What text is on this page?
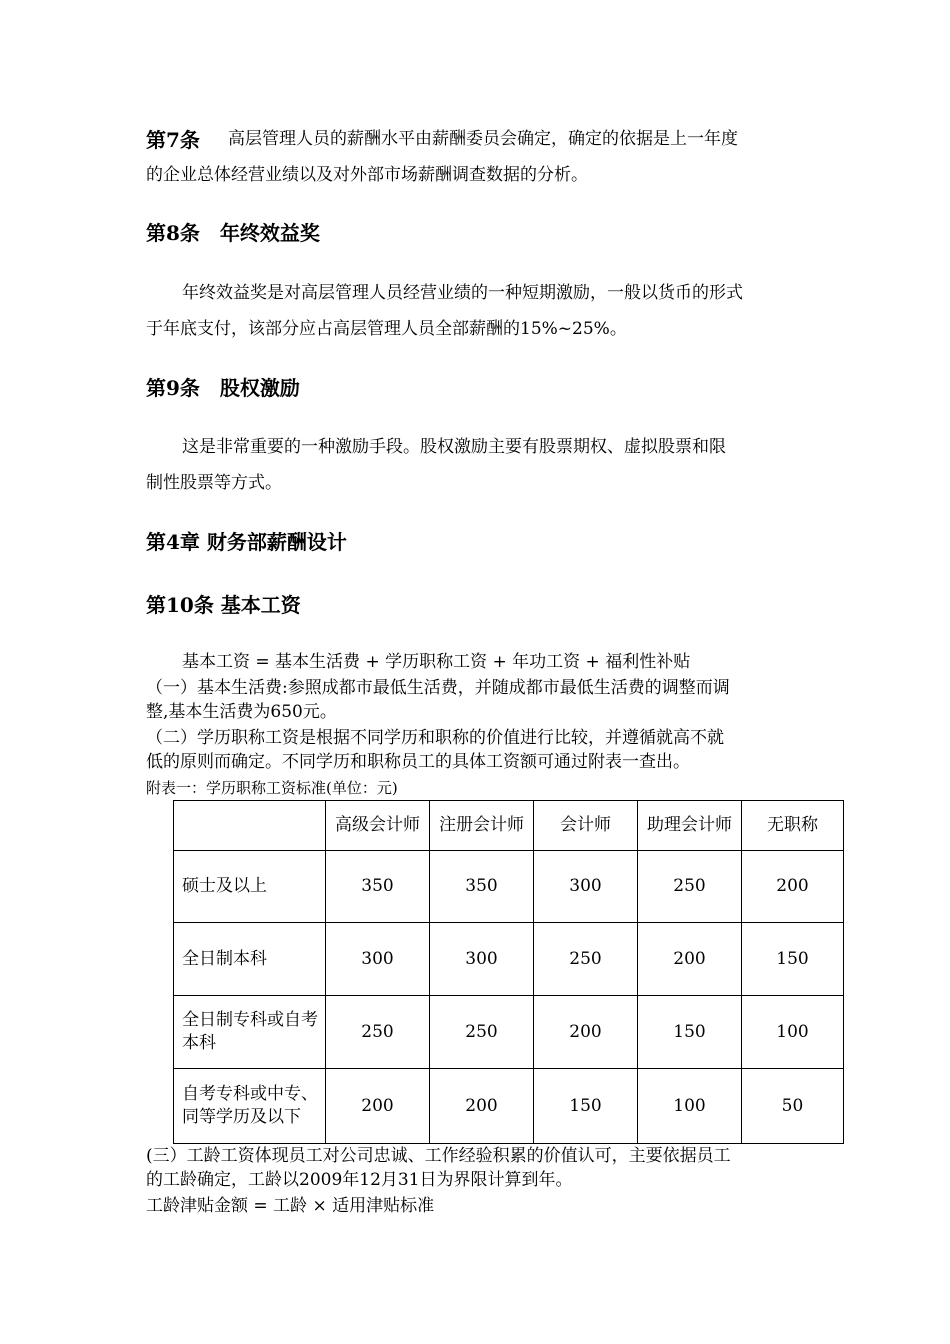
第7条 高层管理人员的薪酬水平由薪酬委员会确定，确定的依据是上一年度
的企业总体经营业绩以及对外部市场薪酬调查数据的分析。
第8条　年终效益奖
年终效益奖是对高层管理人员经营业绩的一种短期激励，一般以货币的形式
于年底支付，该部分应占高层管理人员全部薪酬的15%~25%。
第9条　股权激励
这是非常重要的一种激励手段。股权激励主要有股票期权、虚拟股票和限
制性股票等方式。
第4章 财务部薪酬设计
第10条 基本工资
基本工资 = 基本生活费 + 学历职称工资 + 年功工资 + 福利性补贴
（一）基本生活费:参照成都市最低生活费，并随成都市最低生活费的调整而调
整,基本生活费为650元。
（二）学历职称工资是根据不同学历和职称的价值进行比较，并遵循就高不就
低的原则而确定。不同学历和职称员工的具体工资额可通过附表一查出。
附表一：学历职称工资标准(单位：元)
	高级会计师	注册会计师	会计师	助理会计师	无职称
硕士及以上	350	350	300	250	200
全日制本科	300	300	250	200	150
全日制专科或自考本科	250	250	200	150	100
自考专科或中专、同等学历及以下	200	200	150	100	50
(三）工龄工资体现员工对公司忠诚、工作经验积累的价值认可，主要依据员工
的工龄确定，工龄以2009年12月31日为界限计算到年。
工龄津贴金额 = 工龄 × 适用津贴标准
